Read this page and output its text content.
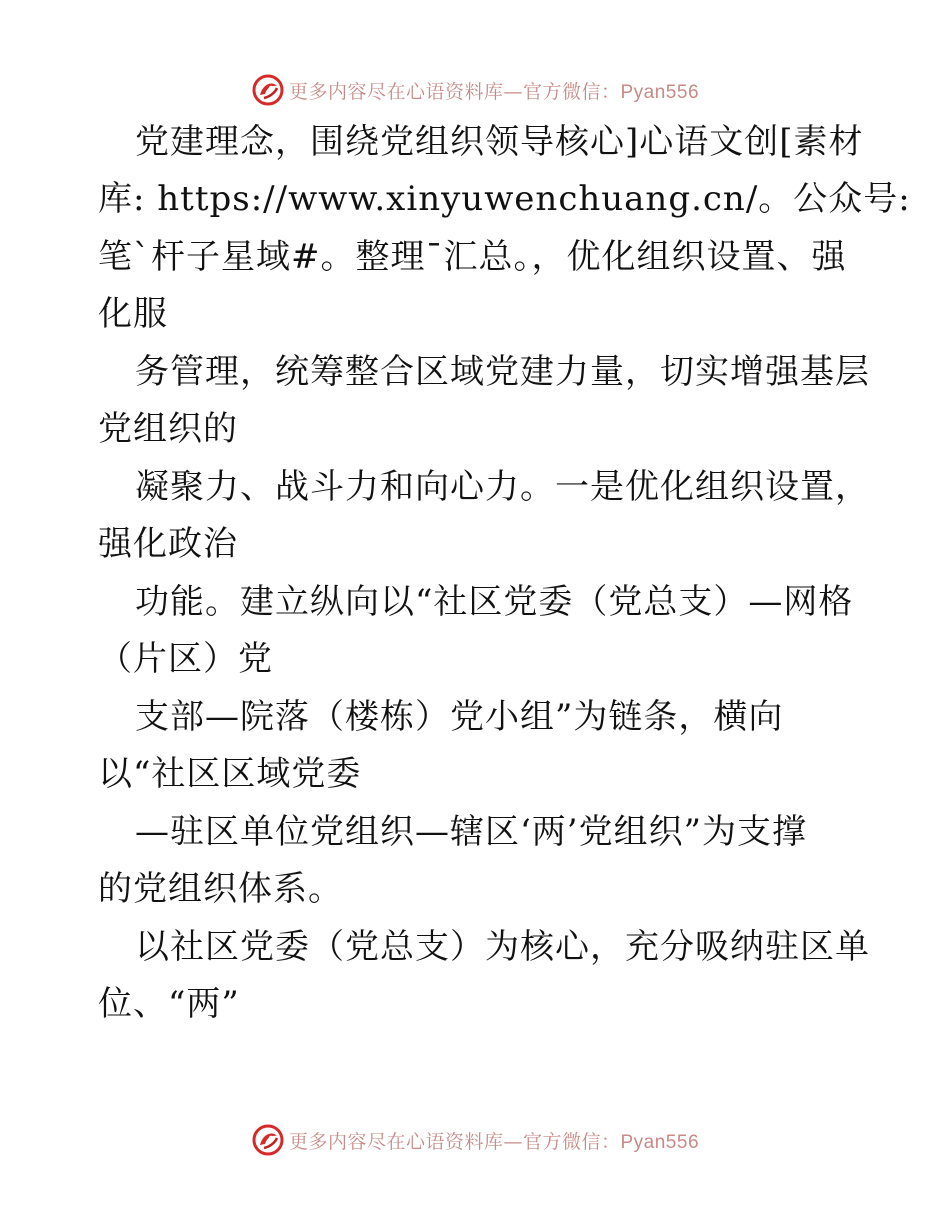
更多内容尽在心语资料库—官方微信：Pyan556
党建理念，围绕党组织领导核心]心语文创[素材
库: https://www.xinyuwenchuang.cn/。公众号:
笔`杆子星域#。整理¯汇总。，优化组织设置、强
化服
务管理，统筹整合区域党建力量，切实增强基层
党组织的
凝聚力、战斗力和向心力。一是优化组织设置，
强化政治
功能。建立纵向以“社区党委（党总支）—网格
（片区）党
支部—院落（楼栋）党小组”为链条，横向
以“社区区域党委
—驻区单位党组织—辖区‘两’党组织”为支撑
的党组织体系。
以社区党委（党总支）为核心，充分吸纳驻区单
位、“两”
更多内容尽在心语资料库—官方微信：Pyan556
